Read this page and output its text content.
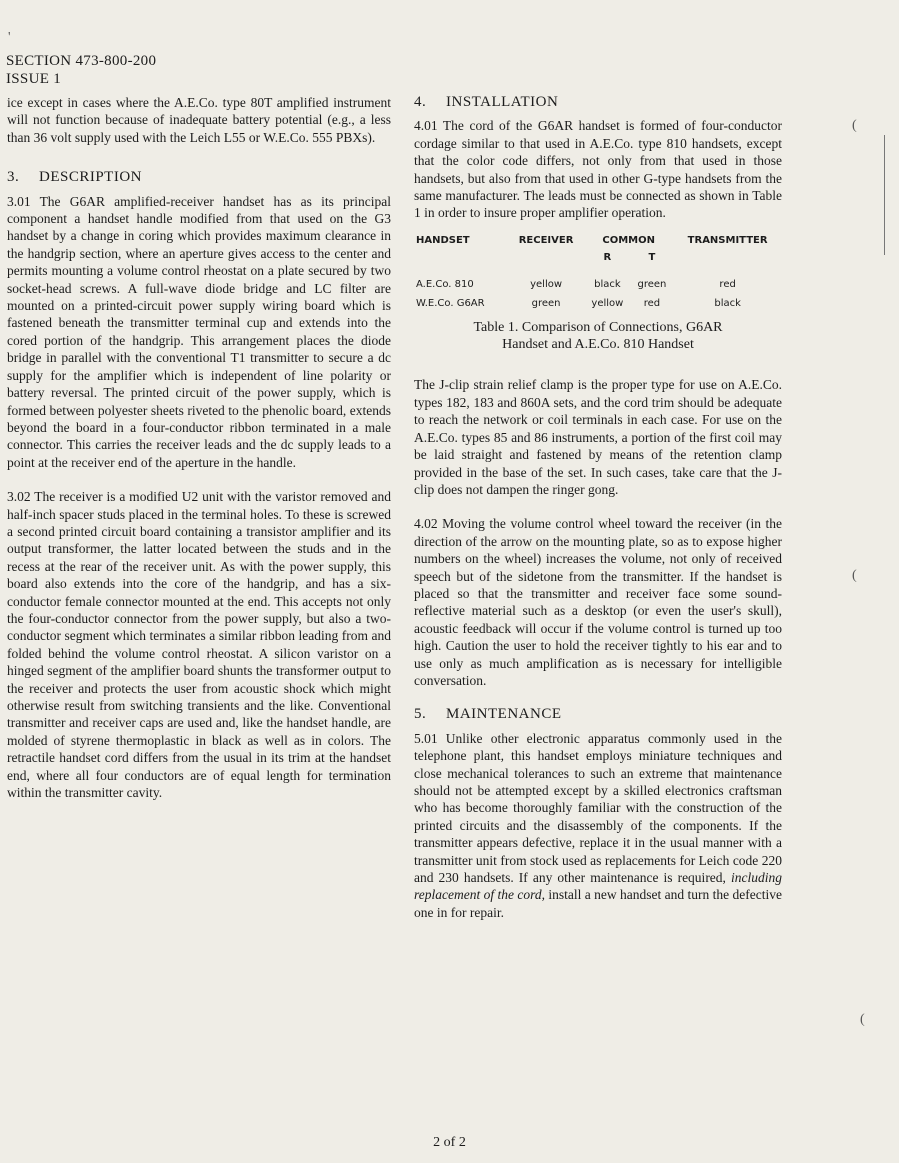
'
SECTION 473-800-200
ISSUE 1

ice except in cases where the A.E.Co. type 80T amplified instrument will not function because of inadequate battery potential (e.g., a less than 36 volt supply used with the Leich L55 or W.E.Co. 555 PBXs).

3. DESCRIPTION

3.01 The G6AR amplified-receiver handset has as its principal component a handset handle modified from that used on the G3 handset by a change in coring which provides maximum clearance in the handgrip section, where an aperture gives access to the center and permits mounting a volume control rheostat on a plate secured by two socket-head screws. A full-wave diode bridge and LC filter are mounted on a printed-circuit power supply wiring board which is fastened beneath the transmitter terminal cup and extends into the cored portion of the handgrip. This arrangement places the diode bridge in parallel with the conventional T1 transmitter to secure a dc supply for the amplifier which is independent of line polarity or battery reversal. The printed circuit of the power supply, which is formed between polyester sheets riveted to the phenolic board, extends beyond the board in a four-conductor ribbon terminated in a male connector. This carries the receiver leads and the dc supply leads to a point at the receiver end of the aperture in the handle.

3.02 The receiver is a modified U2 unit with the varistor removed and half-inch spacer studs placed in the terminal holes. To these is screwed a second printed circuit board containing a transistor amplifier and its output transformer, the latter located between the studs and in the recess at the rear of the receiver unit. As with the power supply, this board also extends into the core of the handgrip, and has a six-conductor female connector mounted at the end. This accepts not only the four-conductor connector from the power supply, but also a two-conductor segment which terminates a similar ribbon leading from and folded behind the volume control rheostat. A silicon varistor on a hinged segment of the amplifier board shunts the transformer output to the receiver and protects the user from acoustic shock which might otherwise result from switching transients and the like. Conventional transmitter and receiver caps are used and, like the handset handle, are molded of styrene thermoplastic in black as well as in colors. The retractile handset cord differs from the usual in its trim at the handset end, where all four conductors are of equal length for termination within the transmitter cavity.

4. INSTALLATION

4.01 The cord of the G6AR handset is formed of four-conductor cordage similar to that used in A.E.Co. type 810 handsets, except that the color code differs, not only from that used in those handsets, but also from that used in other G-type handsets from the same manufacturer. The leads must be connected as shown in Table 1 in order to insure proper amplifier operation.

HANDSET	RECEIVER	COMMON		TRANSMITTER
		R	T	

A.E.Co. 810	yellow	black	green	red
W.E.Co. G6AR	green	yellow	red	black
Table 1. Comparison of Connections, G6AR
Handset and A.E.Co. 810 Handset

The J-clip strain relief clamp is the proper type for use on A.E.Co. types 182, 183 and 860A sets, and the cord trim should be adequate to reach the network or coil terminals in each case. For use on the A.E.Co. types 85 and 86 instruments, a portion of the first coil may be laid straight and fastened by means of the retention clamp provided in the base of the set. In such cases, take care that the J-clip does not dampen the ringer gong.

4.02 Moving the volume control wheel toward the receiver (in the direction of the arrow on the mounting plate, so as to expose higher numbers on the wheel) increases the volume, not only of received speech but of the sidetone from the transmitter. If the handset is placed so that the transmitter and receiver face some sound-reflective material such as a desktop (or even the user's skull), acoustic feedback will occur if the volume control is turned up too high. Caution the user to hold the receiver tightly to his ear and to use only as much amplification as is necessary for intelligible conversation.

5. MAINTENANCE

5.01 Unlike other electronic apparatus commonly used in the telephone plant, this handset employs miniature techniques and close mechanical tolerances to such an extreme that maintenance should not be attempted except by a skilled electronics craftsman who has become thoroughly familiar with the construction of the printed circuits and the disassembly of the components. If the transmitter appears defective, replace it in the usual manner with a transmitter unit from stock used as replacements for Leich code 220 and 230 handsets. If any other maintenance is required, including replacement of the cord, install a new handset and turn the defective one in for repair.

2 of 2
(
(
(
